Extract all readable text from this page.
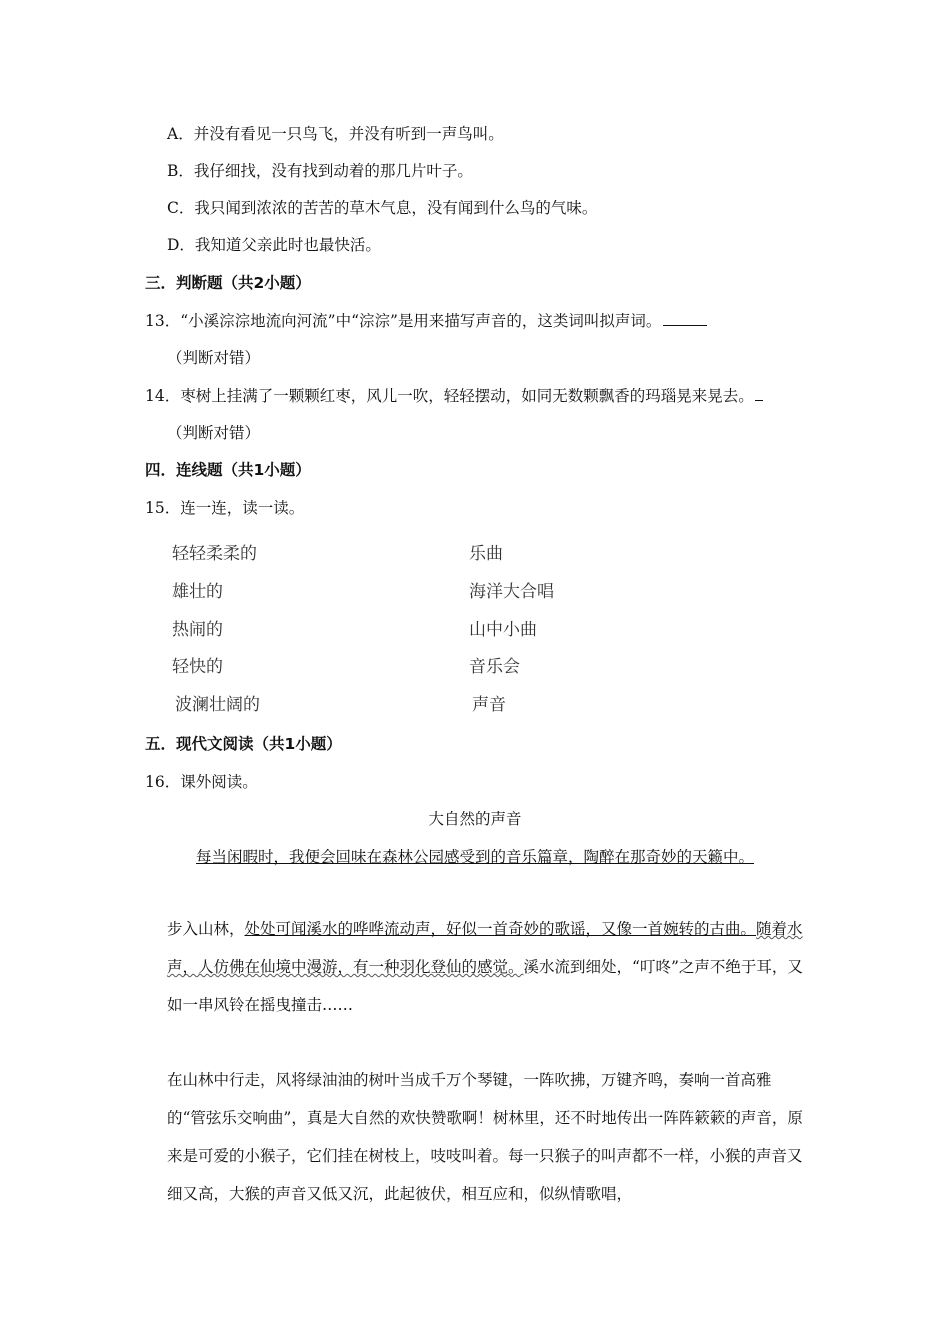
A．并没有看见一只鸟飞，并没有听到一声鸟叫。
B．我仔细找，没有找到动着的那几片叶子。
C．我只闻到浓浓的苦苦的草木气息，没有闻到什么鸟的气味。
D．我知道父亲此时也最快活。
三．判断题（共2小题）
13．“小溪淙淙地流向河流”中“淙淙”是用来描写声音的，这类词叫拟声词。
（判断对错）
14．枣树上挂满了一颗颗红枣，风儿一吹，轻轻摆动，如同无数颗飘香的玛瑙晃来晃去。
（判断对错）
四．连线题（共1小题）
15．连一连，读一读。
轻轻柔柔的
雄壮的
热闹的
轻快的
波澜壮阔的
乐曲
海洋大合唱
山中小曲
音乐会
声音
五．现代文阅读（共1小题）
16．课外阅读。
大自然的声音
每当闲暇时，我便会回味在森林公园感受到的音乐篇章，陶醉在那奇妙的天籁中。
步入山林，处处可闻溪水的哗哗流动声，好似一首奇妙的歌谣，又像一首婉转的古曲。随着水声，人仿佛在仙境中漫游，有一种羽化登仙的感觉。溪水流到细处，“叮咚”之声不绝于耳，又如一串风铃在摇曳撞击……
在山林中行走，风将绿油油的树叶当成千万个琴键，一阵吹拂，万键齐鸣，奏响一首高雅的“管弦乐交响曲”，真是大自然的欢快赞歌啊！树林里，还不时地传出一阵阵簌簌的声音，原来是可爱的小猴子，它们挂在树枝上，吱吱叫着。每一只猴子的叫声都不一样，小猴的声音又细又高，大猴的声音又低又沉，此起彼伏，相互应和，似纵情歌唱，
